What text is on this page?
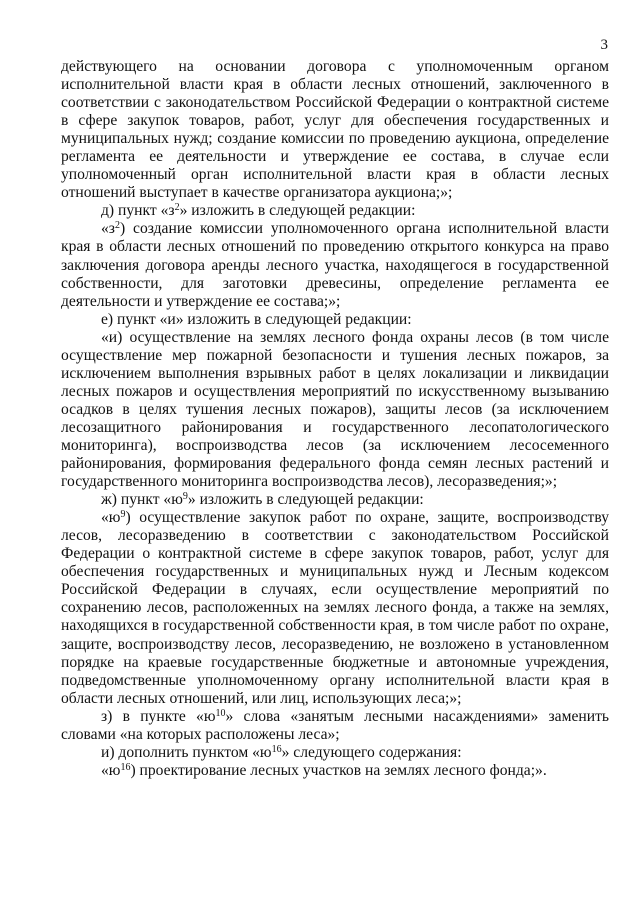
3

действующего на основании договора с уполномоченным органом исполнительной власти края в области лесных отношений, заключенного в соответствии с законодательством Российской Федерации о контрактной системе в сфере закупок товаров, работ, услуг для обеспечения государственных и муниципальных нужд; создание комиссии по проведению аукциона, определение регламента ее деятельности и утверждение ее состава, в случае если уполномоченный орган исполнительной власти края в области лесных отношений выступает в качестве организатора аукциона;»;

д) пункт «$з^2$» изложить в следующей редакции:

«$з^2$) создание комиссии уполномоченного органа исполнительной власти края в области лесных отношений по проведению открытого конкурса на право заключения договора аренды лесного участка, находящегося в государственной собственности, для заготовки древесины, определение регламента ее деятельности и утверждение ее состава;»;

е) пункт «и» изложить в следующей редакции:

«и) осуществление на землях лесного фонда охраны лесов (в том числе осуществление мер пожарной безопасности и тушения лесных пожаров, за исключением выполнения взрывных работ в целях локализации и ликвидации лесных пожаров и осуществления мероприятий по искусственному вызыванию осадков в целях тушения лесных пожаров), защиты лесов (за исключением лесозащитного районирования и государственного лесопатологического мониторинга), воспроизводства лесов (за исключением лесосеменного районирования, формирования федерального фонда семян лесных растений и государственного мониторинга воспроизводства лесов), лесоразведения;»;

ж) пункт «$ю^9$» изложить в следующей редакции:

«$ю^9$) осуществление закупок работ по охране, защите, воспроизводству лесов, лесоразведению в соответствии с законодательством Российской Федерации о контрактной системе в сфере закупок товаров, работ, услуг для обеспечения государственных и муниципальных нужд и Лесным кодексом Российской Федерации в случаях, если осуществление мероприятий по сохранению лесов, расположенных на землях лесного фонда, а также на землях, находящихся в государственной собственности края, в том числе работ по охране, защите, воспроизводству лесов, лесоразведению, не возложено в установленном порядке на краевые государственные бюджетные и автономные учреждения, подведомственные уполномоченному органу исполнительной власти края в области лесных отношений, или лиц, использующих леса;»;

з) в пункте «$ю^{10}$» слова «занятым лесными насаждениями» заменить словами «на которых расположены леса»;

и) дополнить пунктом «$ю^{16}$» следующего содержания:

«$ю^{16}$) проектирование лесных участков на землях лесного фонда;».
